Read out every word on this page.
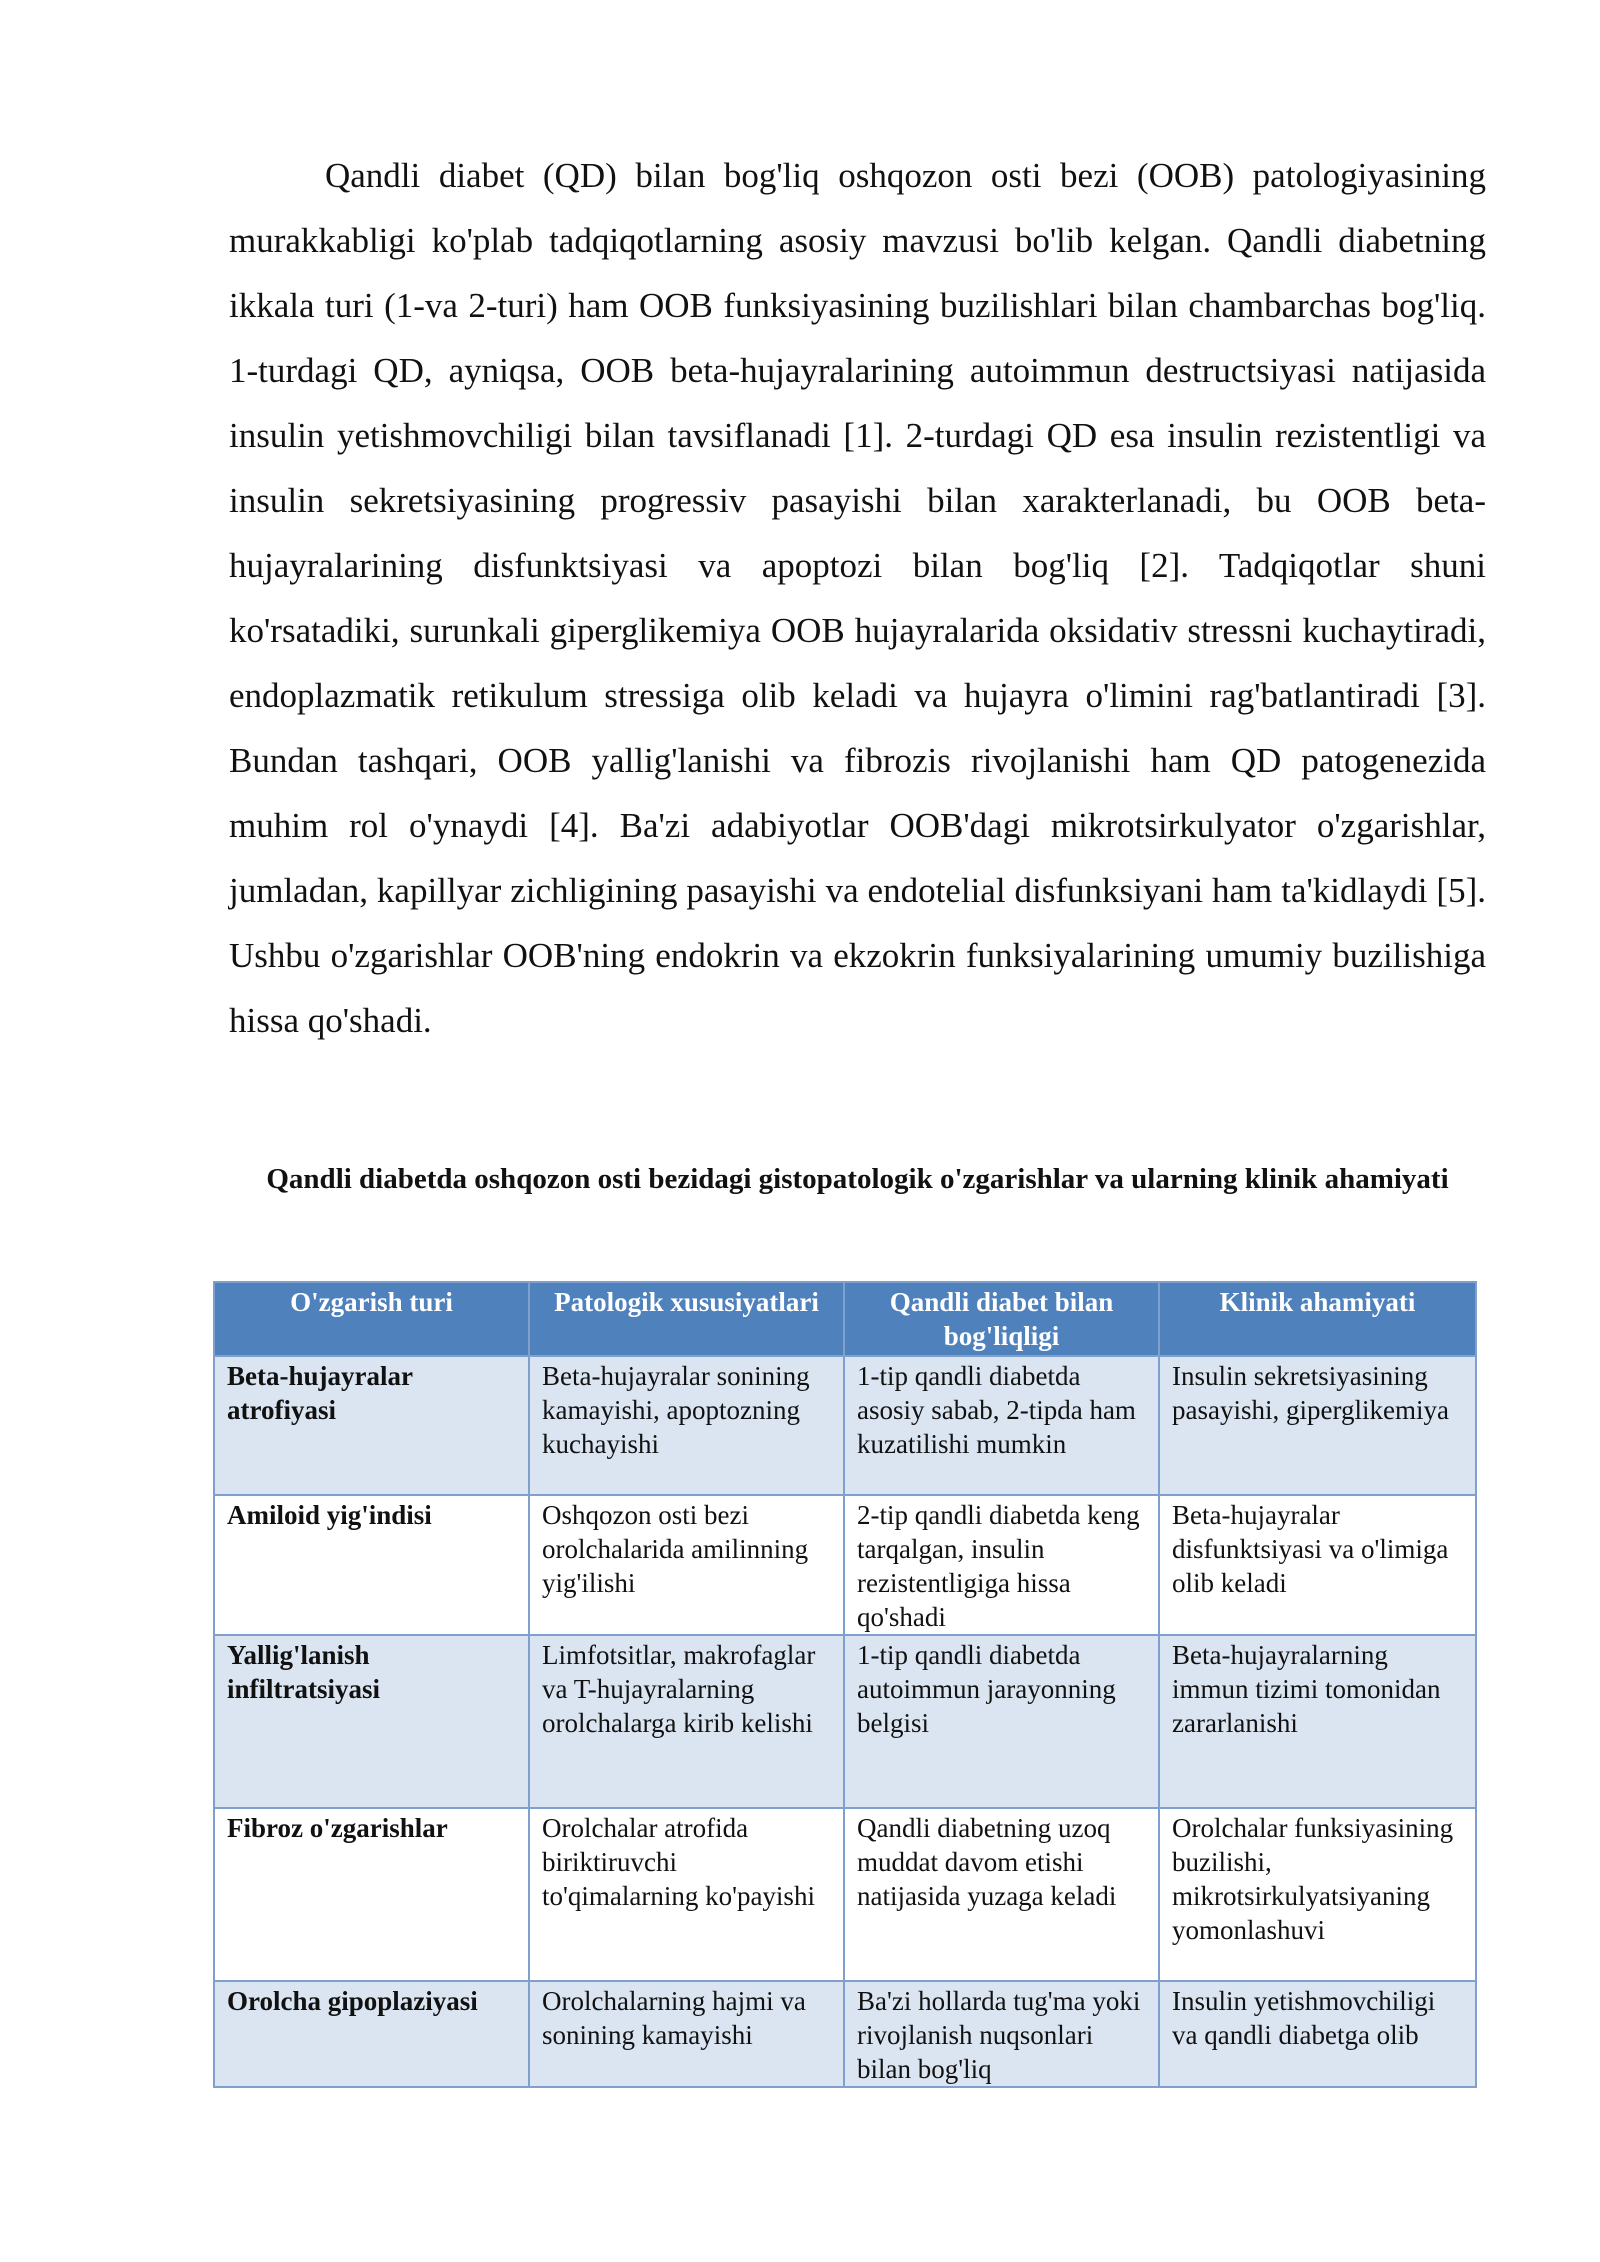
Qandli diabet (QD) bilan bog'liq oshqozon osti bezi (OOB) patologiyasining murakkabligi ko'plab tadqiqotlarning asosiy mavzusi bo'lib kelgan. Qandli diabetning ikkala turi (1-va 2-turi) ham OOB funksiyasining buzilishlari bilan chambarchas bog'liq. 1-turdagi QD, ayniqsa, OOB beta-hujayralarining autoimmun destructsiyasi natijasida insulin yetishmovchiligi bilan tavsiflanadi [1]. 2-turdagi QD esa insulin rezistentligi va insulin sekretsiyasining progressiv pasayishi bilan xarakterlanadi, bu OOB beta-hujayralarining disfunktsiyasi va apoptozi bilan bog'liq [2]. Tadqiqotlar shuni ko'rsatadiki, surunkali giperglikemiya OOB hujayralarida oksidativ stressni kuchaytiradi, endoplazmatik retikulum stressiga olib keladi va hujayra o'limini rag'batlantiradi [3]. Bundan tashqari, OOB yallig'lanishi va fibrozis rivojlanishi ham QD patogenezida muhim rol o'ynaydi [4]. Ba'zi adabiyotlar OOB'dagi mikrotsirkulyator o'zgarishlar, jumladan, kapillyar zichligining pasayishi va endotelial disfunksiyani ham ta'kidlaydi [5]. Ushbu o'zgarishlar OOB'ning endokrin va ekzokrin funksiyalarining umumiy buzilishiga hissa qo'shadi.

Qandli diabetda oshqozon osti bezidagi gistopatologik o'zgarishlar va ularning klinik ahamiyati

O'zgarish turi	Patologik xususiyatlari	Qandli diabet bilan bog'liqligi	Klinik ahamiyati
Beta-hujayralar atrofiyasi	Beta-hujayralar sonining kamayishi, apoptozning kuchayishi	1-tip qandli diabetda asosiy sabab, 2-tipda ham kuzatilishi mumkin	Insulin sekretsiyasining pasayishi, giperglikemiya
Amiloid yig'indisi	Oshqozon osti bezi orolchalarida amilinning yig'ilishi	2-tip qandli diabetda keng tarqalgan, insulin rezistentligiga hissa qo'shadi	Beta-hujayralar disfunktsiyasi va o'limiga olib keladi
Yallig'lanish infiltratsiyasi	Limfotsitlar, makrofaglar va T-hujayralarning orolchalarga kirib kelishi	1-tip qandli diabetda autoimmun jarayonning belgisi	Beta-hujayralarning immun tizimi tomonidan zararlanishi
Fibroz o'zgarishlar	Orolchalar atrofida biriktiruvchi to'qimalarning ko'payishi	Qandli diabetning uzoq muddat davom etishi natijasida yuzaga keladi	Orolchalar funksiyasining buzilishi, mikrotsirkulyatsiyaning yomonlashuvi
Orolcha gipoplaziyasi	Orolchalarning hajmi va sonining kamayishi	Ba'zi hollarda tug'ma yoki rivojlanish nuqsonlari bilan bog'liq	Insulin yetishmovchiligi va qandli diabetga olib
